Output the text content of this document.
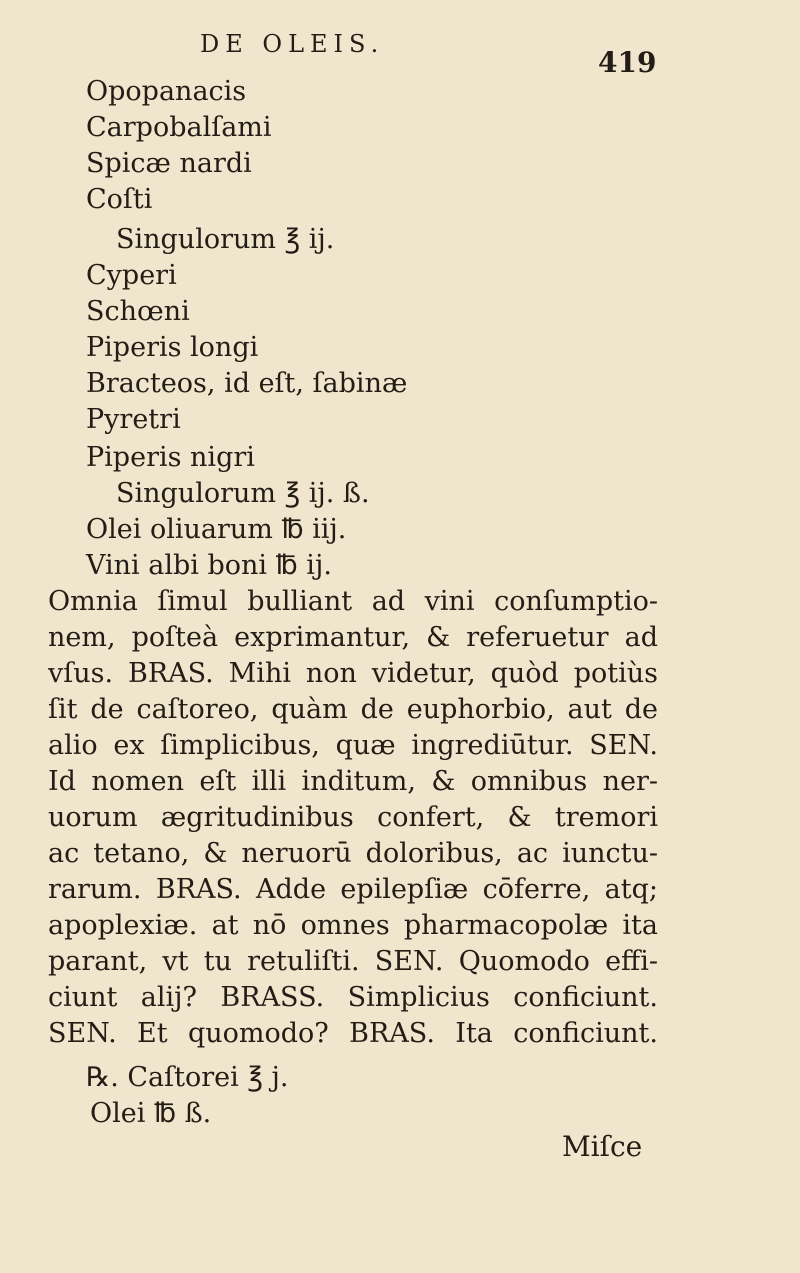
DE OLEIS.
419
Opopanacis
Carpobalſami
Spicæ nardi
Coſti
Singulorum ℥ ij.
Cyperi
Schœni
Piperis longi
Bracteos, id eſt, ſabinæ
Pyretri
Piperis nigri
Singulorum ℥ ij. ß.
Olei oliuarum ℔ iij.
Vini albi boni ℔ ij.
Omnia ſimul bulliant ad vini conſumptio-
nem, poſteà exprimantur, & referuetur ad
vſus. BRAS. Mihi non videtur, quòd potiùs
ſit de caſtoreo, quàm de euphorbio, aut de
alio ex ſimplicibus, quæ ingrediūtur. SEN.
Id nomen eſt illi inditum, & omnibus ner-
uorum ægritudinibus confert, & tremori
ac tetano, & neruorū doloribus, ac iunctu-
rarum. BRAS. Adde epilepſiæ cōferre, atq;
apoplexiæ. at nō omnes pharmacopolæ ita
parant, vt tu retuliſti. SEN. Quomodo effi-
ciunt alij? BRASS. Simplicius conficiunt.
SEN. Et quomodo? BRAS. Ita conficiunt.
℞. Caſtorei ℥ j.
Olei ℔ ß.
Miſce
